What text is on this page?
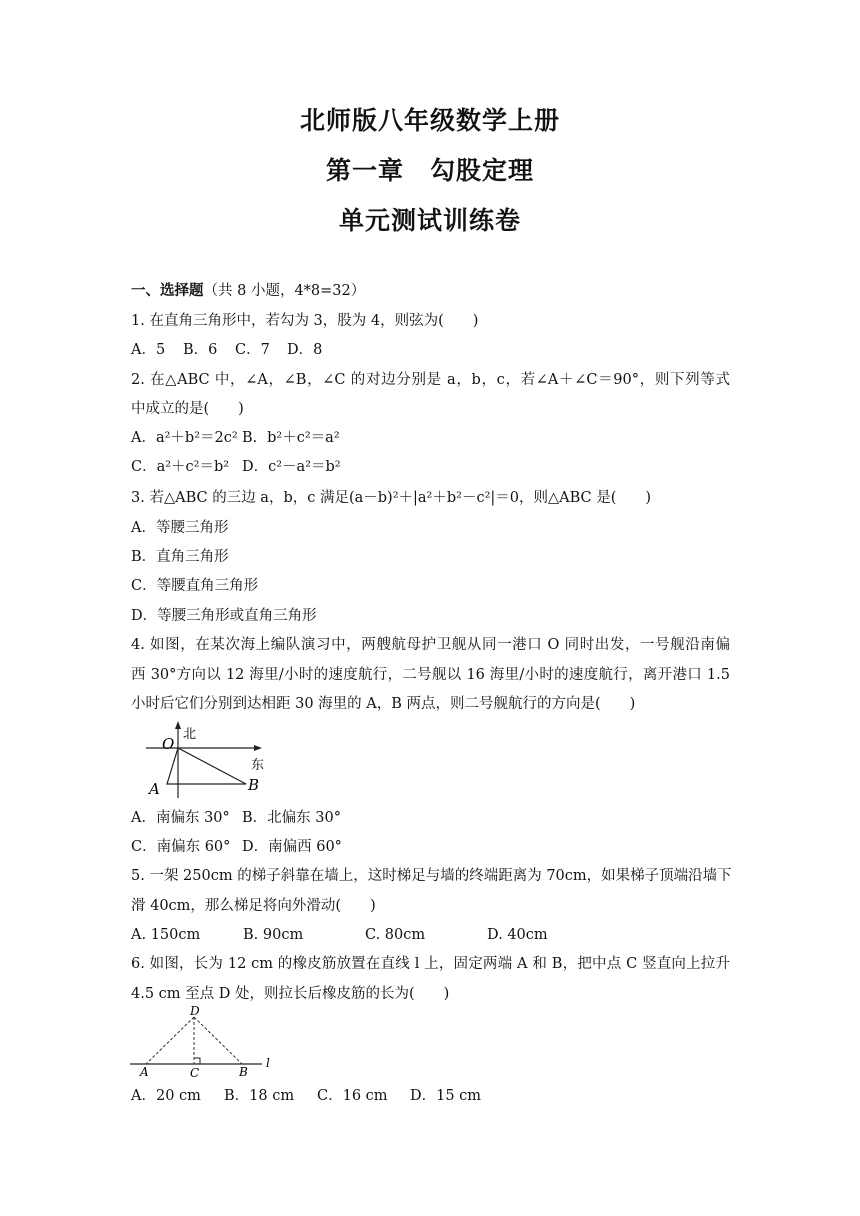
北师版八年级数学上册
第一章　勾股定理
单元测试训练卷
一、选择题（共 8 小题，4*8=32）
1. 在直角三角形中，若勾为 3，股为 4，则弦为(　　)
A．5 B．6 C．7 D．8
2. 在△ABC 中，∠A，∠B，∠C 的对边分别是 a，b，c，若∠A＋∠C＝90°，则下列等式
中成立的是(　　)
A．a²＋b²＝2c² B．b²＋c²＝a²
C．a²＋c²＝b² D．c²－a²＝b²
3. 若△ABC 的三边 a，b，c 满足(a－b)²＋|a²＋b²－c²|＝0，则△ABC 是(　　)
A．等腰三角形
B．直角三角形
C．等腰直角三角形
D．等腰三角形或直角三角形
4. 如图，在某次海上编队演习中，两艘航母护卫舰从同一港口 O 同时出发，一号舰沿南偏
西 30°方向以 12 海里/小时的速度航行，二号舰以 16 海里/小时的速度航行，离开港口 1.5
小时后它们分别到达相距 30 海里的 A，B 两点，则二号舰航行的方向是(　　)
O
北
东
A	B
A．南偏东 30° B．北偏东 30°
C．南偏东 60° D．南偏西 60°
5. 一架 250cm 的梯子斜靠在墙上，这时梯足与墙的终端距离为 70cm，如果梯子顶端沿墙下
滑 40cm，那么梯足将向外滑动(　　)
A. 150cm	B. 90cm	C. 80cm	D. 40cm
6. 如图，长为 12 cm 的橡皮筋放置在直线 l 上，固定两端 A 和 B，把中点 C 竖直向上拉升
4.5 cm 至点 D 处，则拉长后橡皮筋的长为(　　)
D
A	C	B
l
A．20 cm B．18 cm C．16 cm D．15 cm
